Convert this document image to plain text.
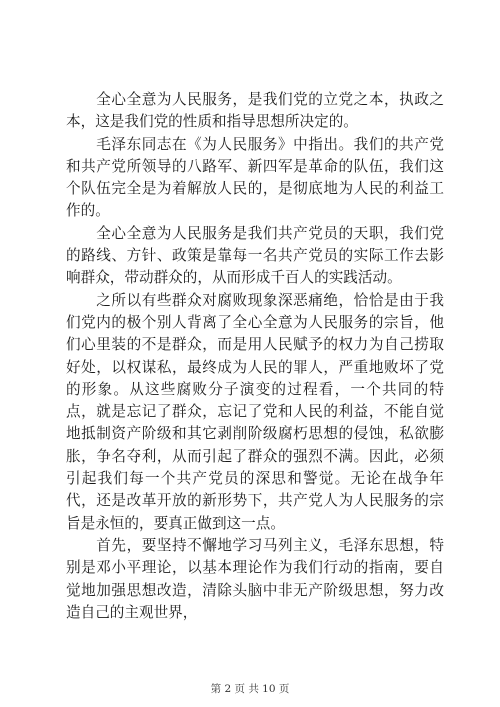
　　全心全意为人民服务，是我们党的立党之本，执政之本，这是我们党的性质和指导思想所决定的。

　　毛泽东同志在《为人民服务》中指出。我们的共产党和共产党所领导的八路军、新四军是革命的队伍，我们这个队伍完全是为着解放人民的，是彻底地为人民的利益工作的。

　　全心全意为人民服务是我们共产党员的天职，我们党的路线、方针、政策是靠每一名共产党员的实际工作去影响群众，带动群众的，从而形成千百人的实践活动。

　　之所以有些群众对腐败现象深恶痛绝，恰恰是由于我们党内的极个别人背离了全心全意为人民服务的宗旨，他们心里装的不是群众，而是用人民赋予的权力为自己捞取好处，以权谋私，最终成为人民的罪人，严重地败坏了党的形象。从这些腐败分子演变的过程看，一个共同的特点，就是忘记了群众，忘记了党和人民的利益，不能自觉地抵制资产阶级和其它剥削阶级腐朽思想的侵蚀，私欲膨胀，争名夺利，从而引起了群众的强烈不满。因此，必须引起我们每一个共产党员的深思和警觉。无论在战争年代，还是改革开放的新形势下，共产党人为人民服务的宗旨是永恒的，要真正做到这一点。

　　首先，要坚持不懈地学习马列主义，毛泽东思想，特别是邓小平理论，以基本理论作为我们行动的指南，要自觉地加强思想改造，清除头脑中非无产阶级思想，努力改造自己的主观世界，

第 2 页 共 10 页
